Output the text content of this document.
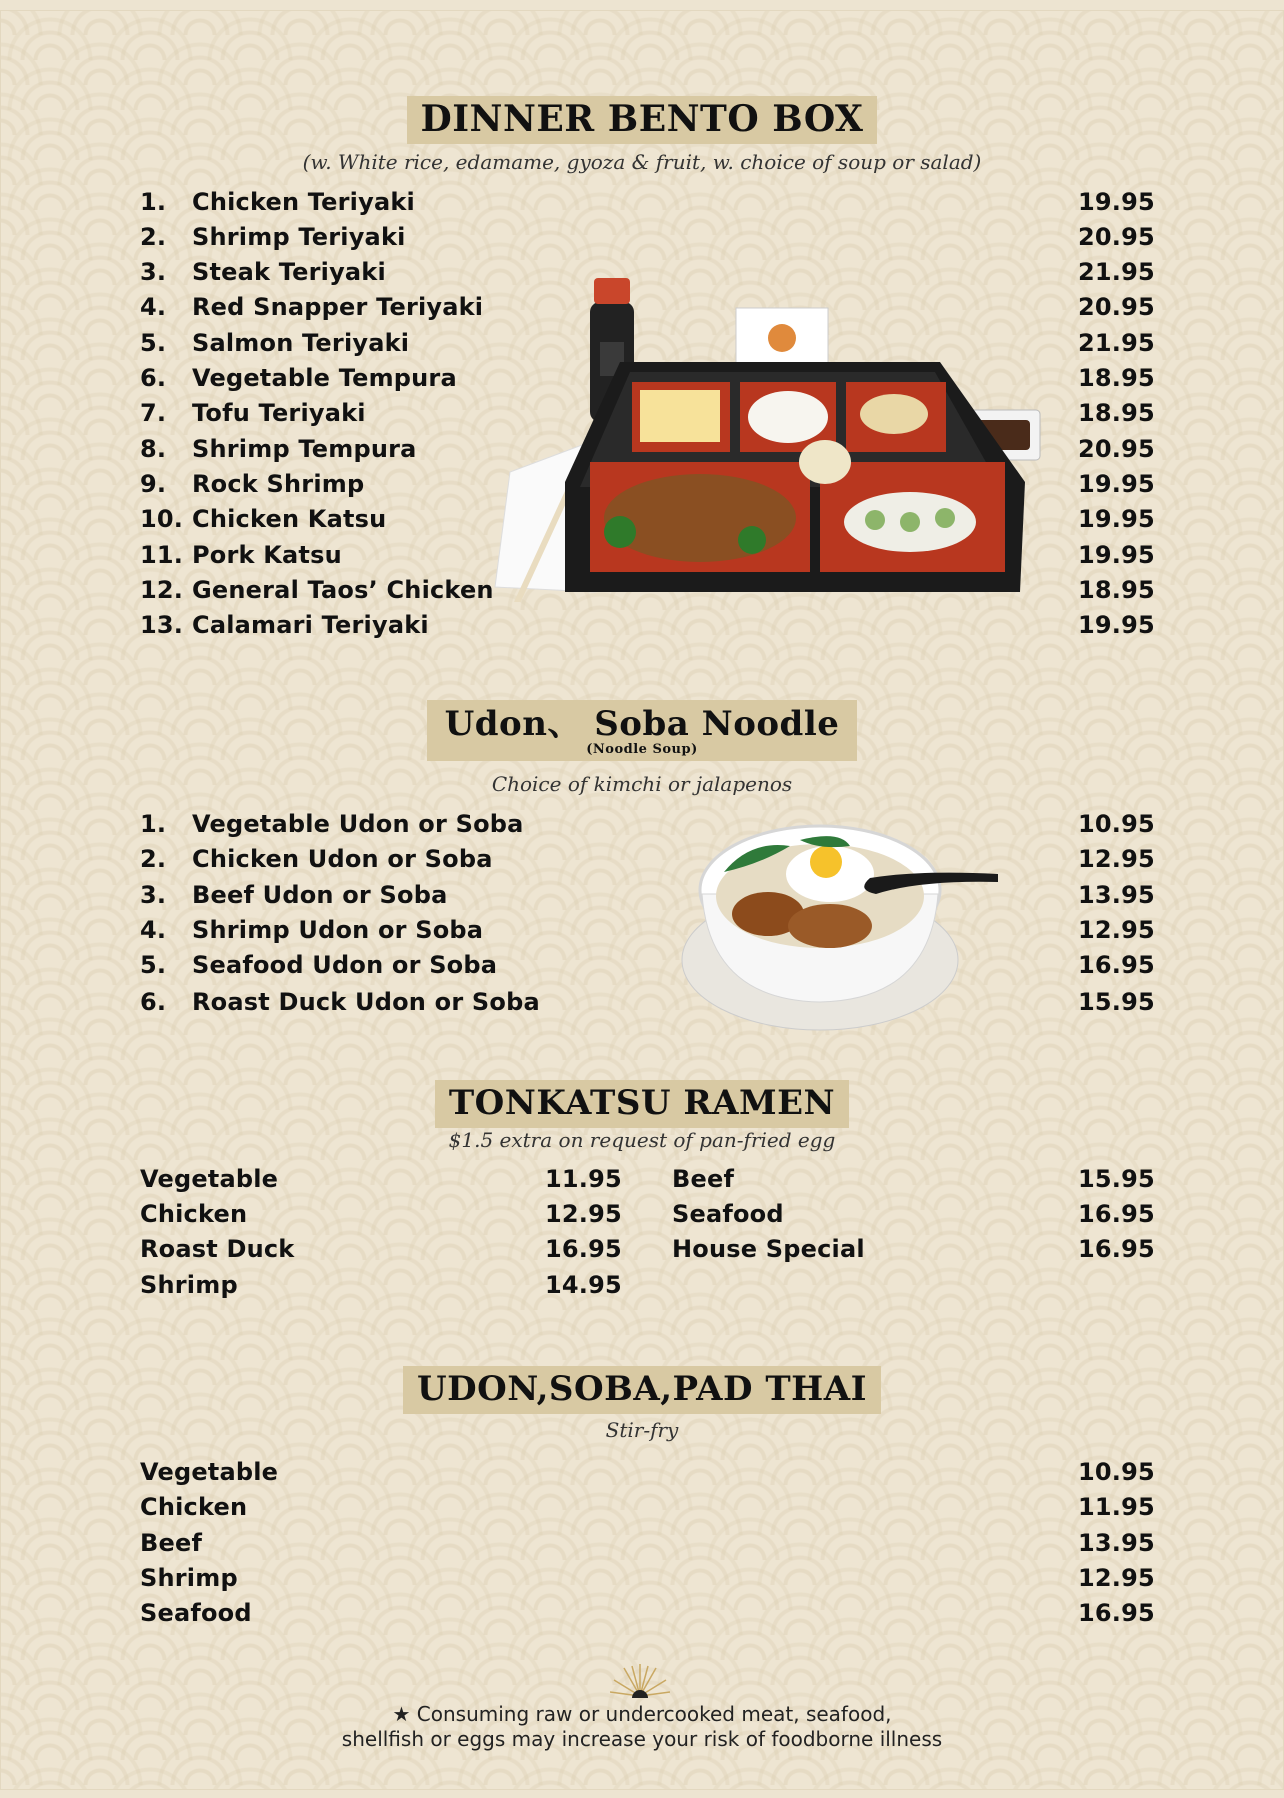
DINNER BENTO BOX
(w. White rice, edamame, gyoza & fruit, w. choice of soup or salad)
1. Chicken Teriyaki	19.95
2. Shrimp Teriyaki	20.95
3. Steak Teriyaki	21.95
4. Red Snapper Teriyaki	20.95
5. Salmon Teriyaki	21.95
6. Vegetable Tempura	18.95
7. Tofu Teriyaki	18.95
8. Shrimp Tempura	20.95
9. Rock Shrimp	19.95
10. Chicken Katsu	19.95
11. Pork Katsu	19.95
12. General Taos’ Chicken	18.95
13. Calamari Teriyaki	19.95
Udon、 Soba Noodle
(Noodle Soup)
Choice of kimchi or jalapenos
1. Vegetable Udon or Soba	10.95
2. Chicken Udon or Soba	12.95
3. Beef Udon or Soba	13.95
4. Shrimp Udon or Soba	12.95
5. Seafood Udon or Soba	16.95
6. Roast Duck Udon or Soba	15.95
TONKATSU RAMEN
$1.5 extra on request of pan-fried egg
Vegetable	11.95
Chicken	12.95
Roast Duck	16.95
Shrimp	14.95
Beef	15.95
Seafood	16.95
House Special	16.95
UDON,SOBA,PAD THAI
Stir-fry
Vegetable	10.95
Chicken	11.95
Beef	13.95
Shrimp	12.95
Seafood	16.95
★ Consuming raw or undercooked meat, seafood,
shellfish or eggs may increase your risk of foodborne illness
